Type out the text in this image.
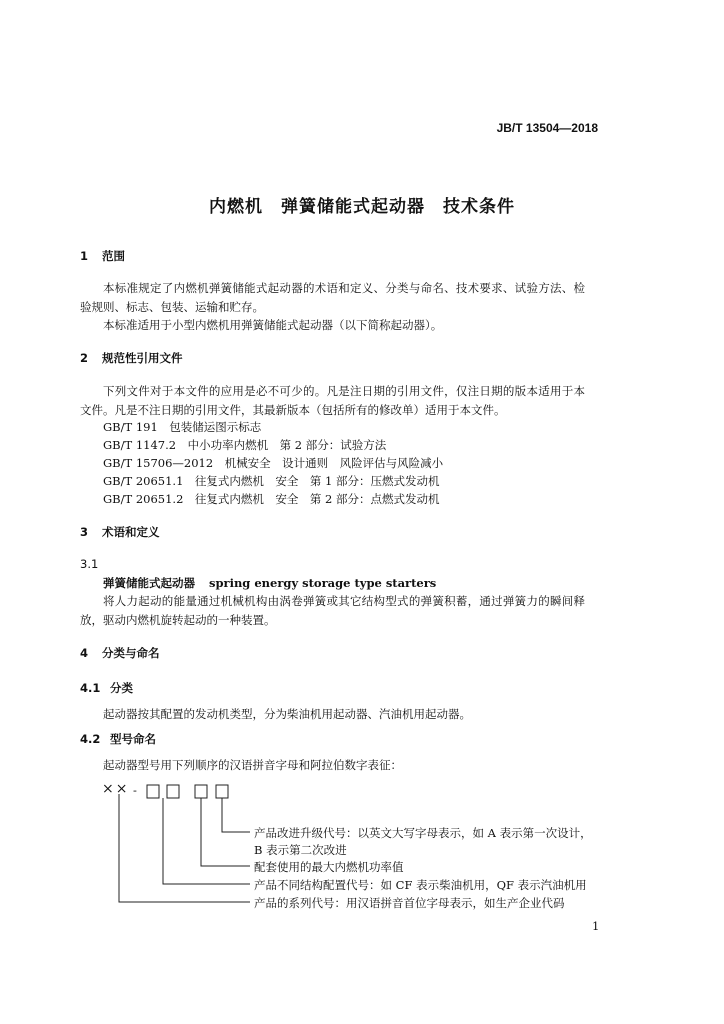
JB/T 13504—2018
内燃机　弹簧储能式起动器　技术条件
1 范围
本标准规定了内燃机弹簧储能式起动器的术语和定义、分类与命名、技术要求、试验方法、检验规则、标志、包装、运输和贮存。
本标准适用于小型内燃机用弹簧储能式起动器（以下简称起动器）。
2 规范性引用文件
下列文件对于本文件的应用是必不可少的。凡是注日期的引用文件，仅注日期的版本适用于本文件。凡是不注日期的引用文件，其最新版本（包括所有的修改单）适用于本文件。
GB/T 191　包装储运图示标志
GB/T 1147.2　中小功率内燃机　第 2 部分：试验方法
GB/T 15706—2012　机械安全　设计通则　风险评估与风险减小
GB/T 20651.1　往复式内燃机　安全　第 1 部分：压燃式发动机
GB/T 20651.2　往复式内燃机　安全　第 2 部分：点燃式发动机
3 术语和定义
3.1
弹簧储能式起动器 spring energy storage type starters
将人力起动的能量通过机械机构由涡卷弹簧或其它结构型式的弹簧积蓄，通过弹簧力的瞬间释放，驱动内燃机旋转起动的一种装置。
4 分类与命名
4.1 分类
起动器按其配置的发动机类型，分为柴油机用起动器、汽油机用起动器。
4.2 型号命名
起动器型号用下列顺序的汉语拼音字母和阿拉伯数字表征：
×× -
产品改进升级代号：以英文大写字母表示，如 A 表示第一次设计，
B 表示第二次改进
配套使用的最大内燃机功率值
产品不同结构配置代号：如 CF 表示柴油机用，QF 表示汽油机用
产品的系列代号：用汉语拼音首位字母表示，如生产企业代码
1
